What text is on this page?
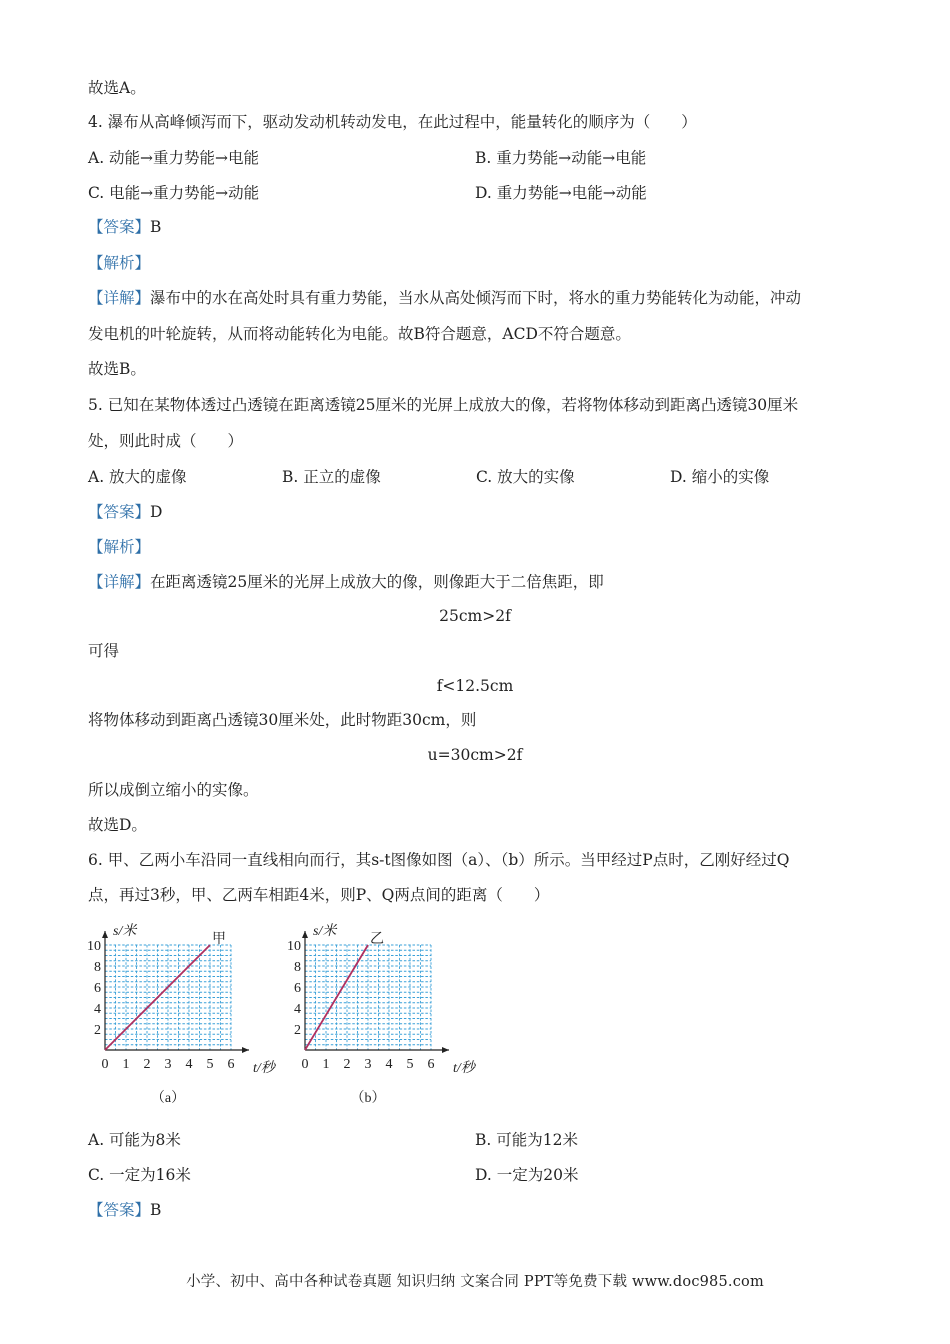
故选A。
4. 瀑布从高峰倾泻而下，驱动发动机转动发电，在此过程中，能量转化的顺序为（　　）
A. 动能→重力势能→电能	B. 重力势能→动能→电能
C. 电能→重力势能→动能	D. 重力势能→电能→动能
【答案】B
【解析】
【详解】瀑布中的水在高处时具有重力势能，当水从高处倾泻而下时，将水的重力势能转化为动能，冲动
发电机的叶轮旋转，从而将动能转化为电能。故B符合题意，ACD不符合题意。
故选B。
5. 已知在某物体透过凸透镜在距离透镜25厘米的光屏上成放大的像，若将物体移动到距离凸透镜30厘米
处，则此时成（　　）
A. 放大的虚像	B. 正立的虚像	C. 放大的实像	D. 缩小的实像
【答案】D
【解析】
【详解】在距离透镜25厘米的光屏上成放大的像，则像距大于二倍焦距，即
25cm>2f
可得
f<12.5cm
将物体移动到距离凸透镜30厘米处，此时物距30cm，则
u=30cm>2f
所以成倒立缩小的实像。
故选D。
6. 甲、乙两小车沿同一直线相向而行，其s-t图像如图（a）、（b）所示。当甲经过P点时，乙刚好经过Q
点，再过3秒，甲、乙两车相距4米，则P、Q两点间的距离（　　）
0 1 2 3 4 5 6
2
4
6
8
10
s/米
t/秒
甲
（a）
0 1 2 3 4 5 6
2
4
6
8
10
s/米
t/秒
乙
（b）
A. 可能为8米	B. 可能为12米
C. 一定为16米	D. 一定为20米
【答案】B
小学、初中、高中各种试卷真题 知识归纳 文案合同 PPT等免费下载 www.doc985.com
